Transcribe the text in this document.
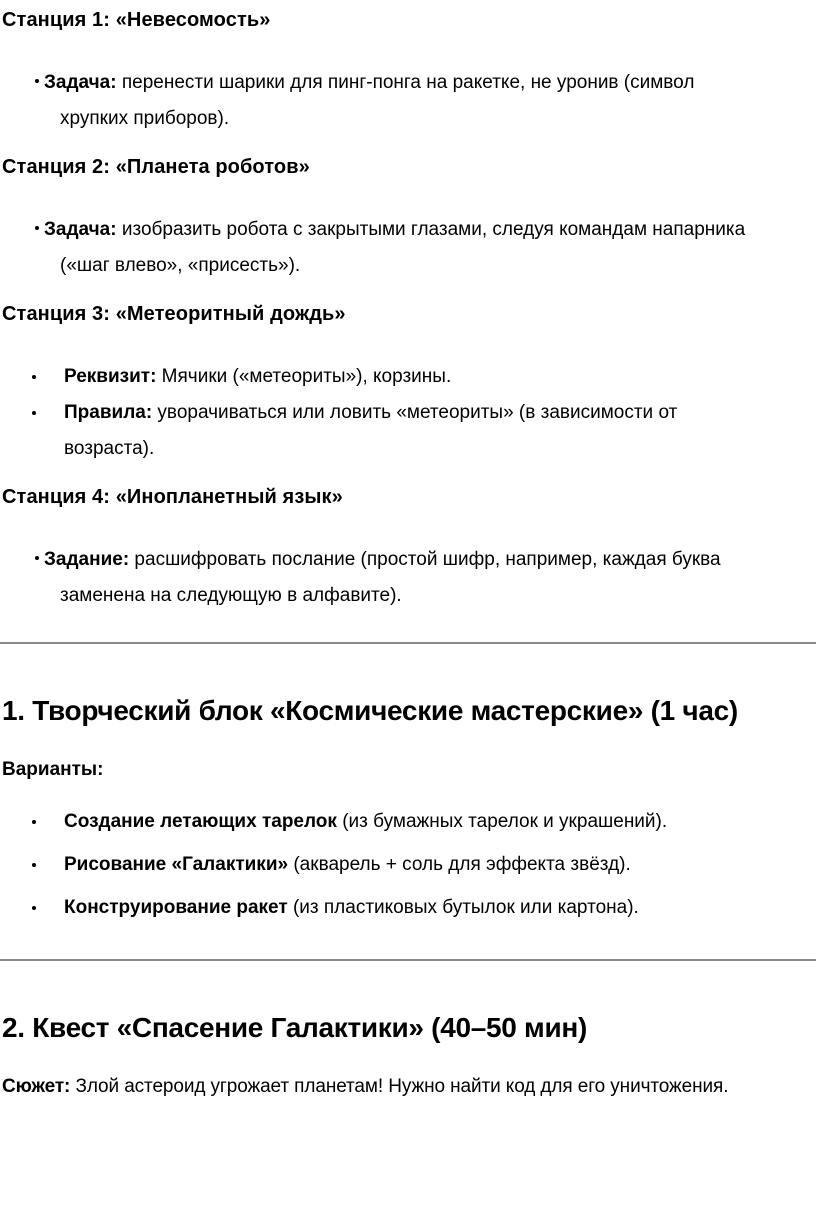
Станция 1: «Невесомость»
Задача: перенести шарики для пинг-понга на ракетке, не уронив (символ хрупких приборов).
Станция 2: «Планета роботов»
Задача: изобразить робота с закрытыми глазами, следуя командам напарника («шаг влево», «присесть»).
Станция 3: «Метеоритный дождь»
Реквизит: Мячики («метеориты»), корзины.
Правила: уворачиваться или ловить «метеориты» (в зависимости от возраста).
Станция 4: «Инопланетный язык»
Задание: расшифровать послание (простой шифр, например, каждая буква заменена на следующую в алфавите).
1. Творческий блок «Космические мастерские» (1 час)

Варианты:

Создание летающих тарелок (из бумажных тарелок и украшений).
Рисование «Галактики» (акварель + соль для эффекта звёзд).
Конструирование ракет (из пластиковых бутылок или картона).
2. Квест «Спасение Галактики» (40–50 мин)

Сюжет: Злой астероид угрожает планетам! Нужно найти код для его уничтожения.
